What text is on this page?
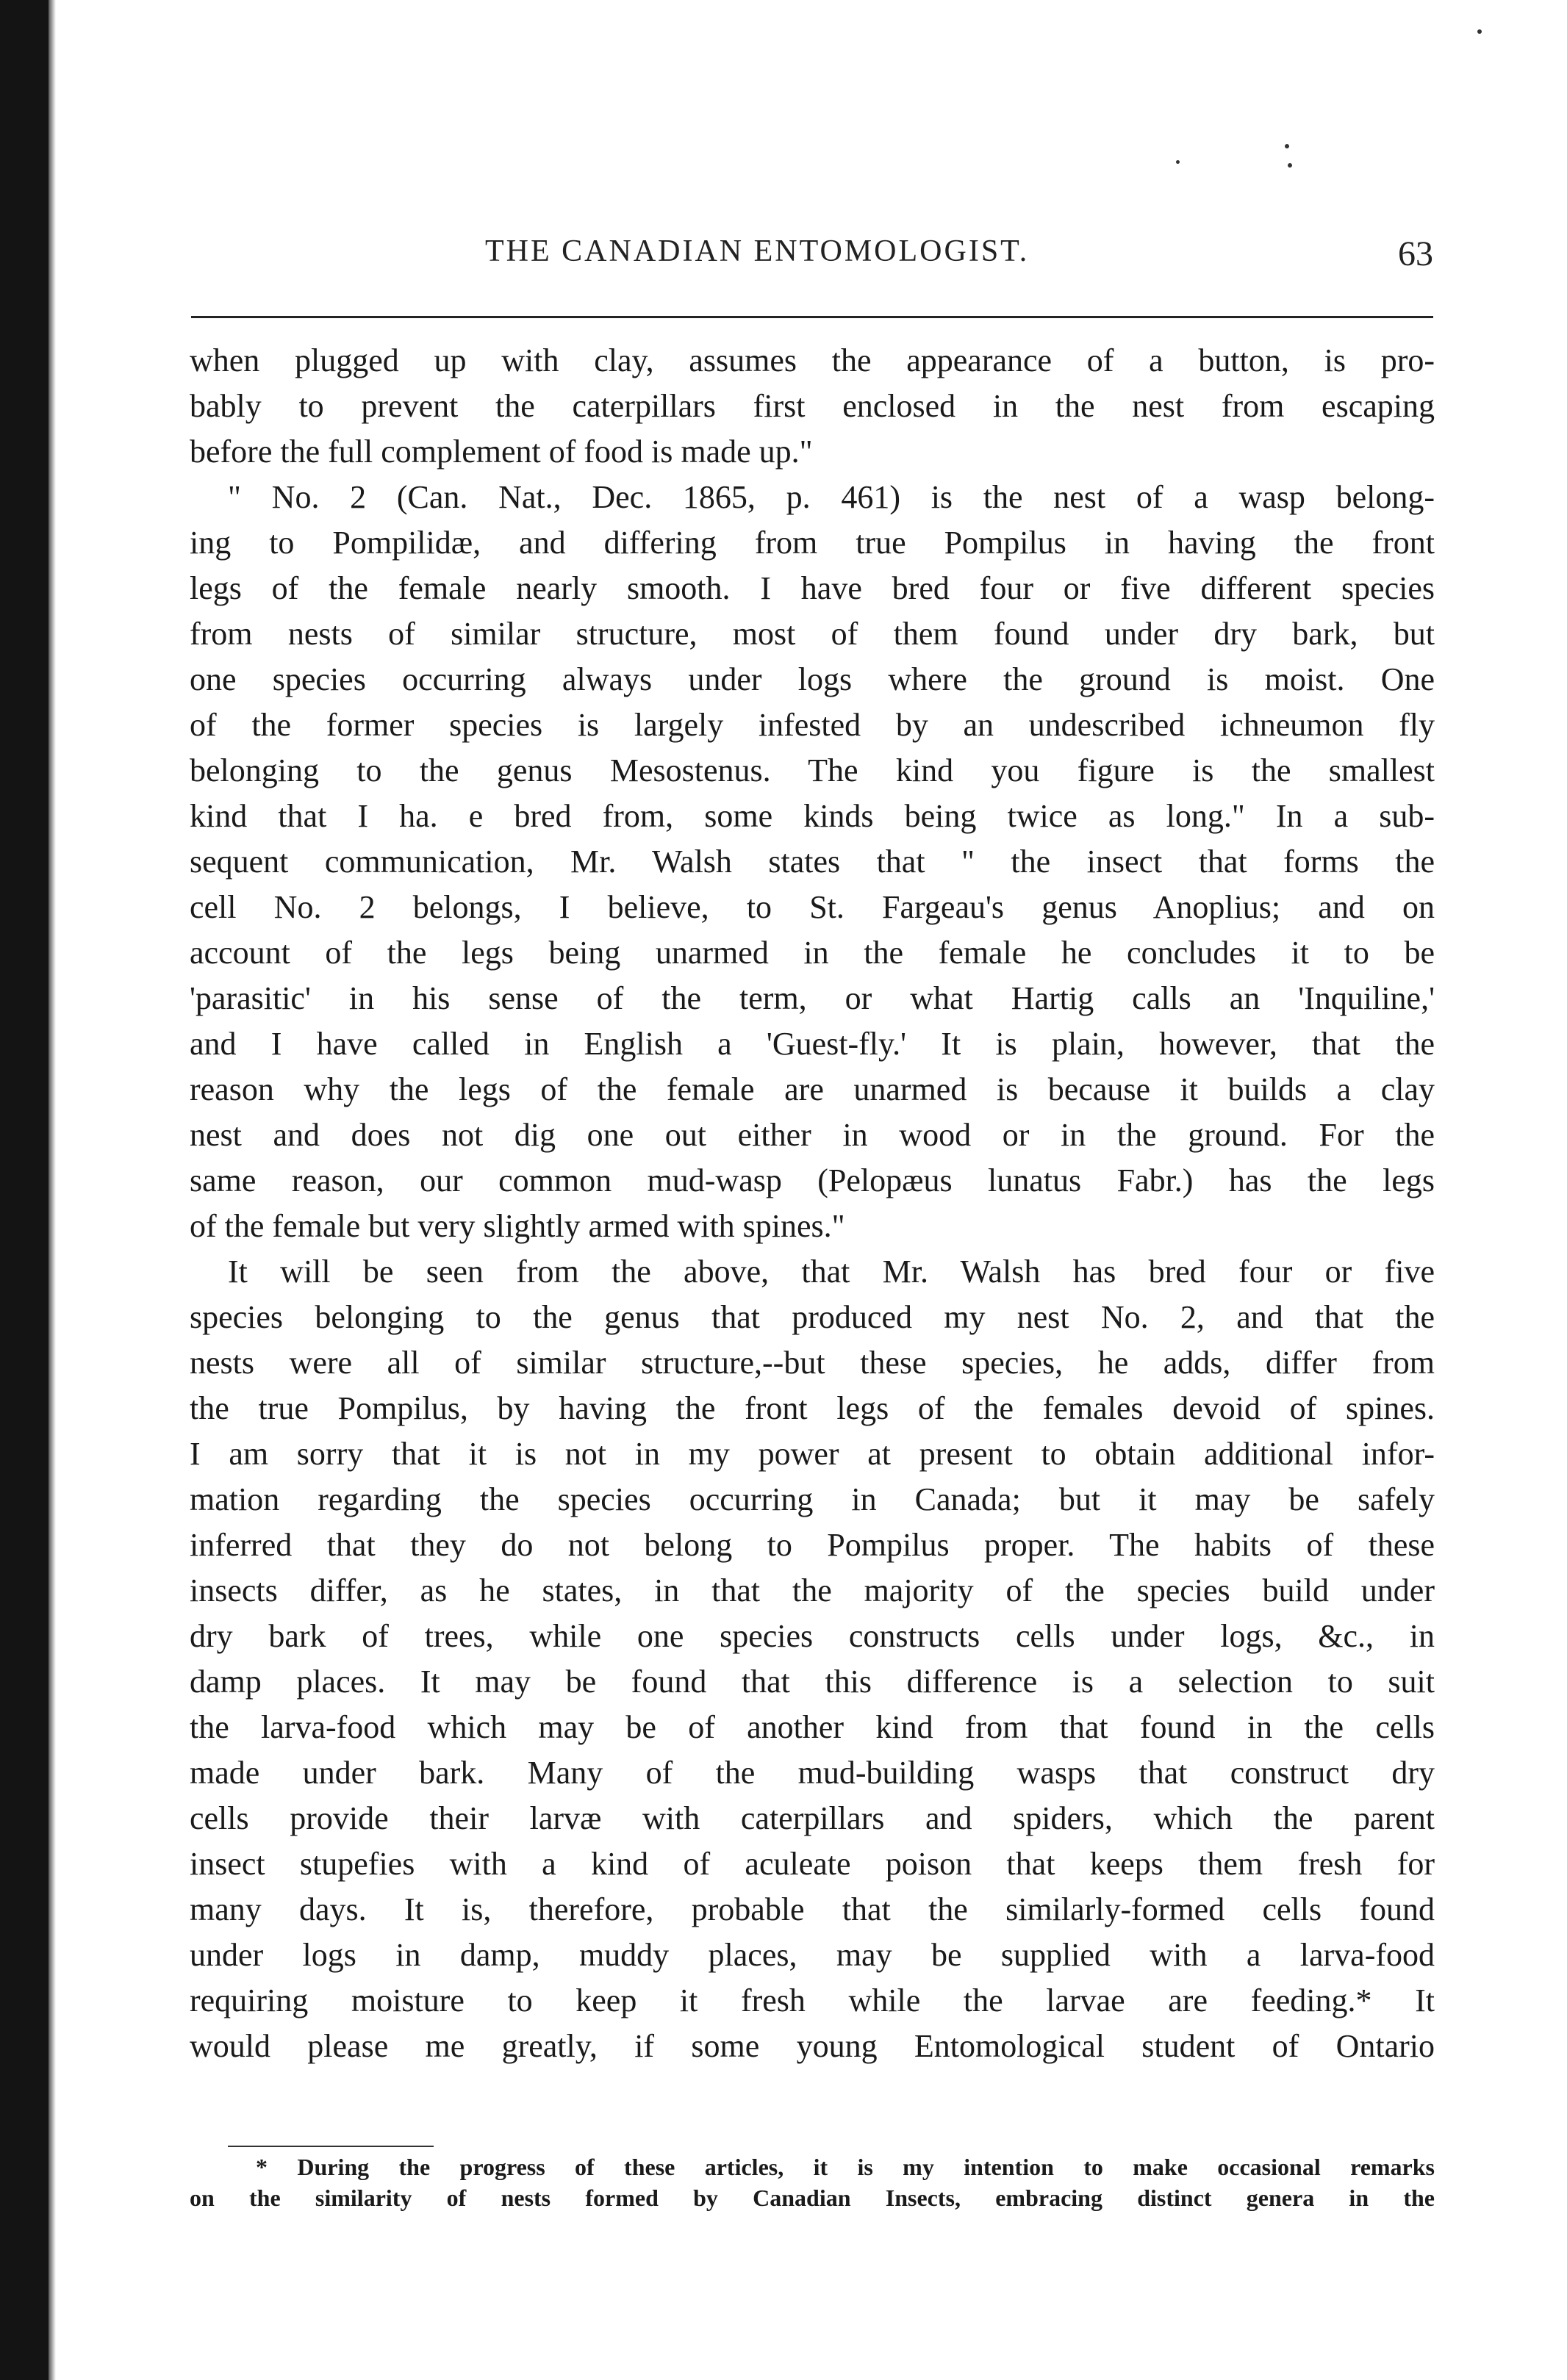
THE CANADIAN ENTOMOLOGIST.	63
when plugged up with clay, assumes the appearance of a button, is pro-
bably to prevent the caterpillars first enclosed in the nest from escaping
before the full complement of food is made up."
" No. 2 (Can. Nat., Dec. 1865, p. 461) is the nest of a wasp belong-
ing to Pompilidæ, and differing from true Pompilus in having the front
legs of the female nearly smooth. I have bred four or five different species
from nests of similar structure, most of them found under dry bark, but
one species occurring always under logs where the ground is moist. One
of the former species is largely infested by an undescribed ichneumon fly
belonging to the genus Mesostenus. The kind you figure is the smallest
kind that I ha. e bred from, some kinds being twice as long." In a sub-
sequent communication, Mr. Walsh states that " the insect that forms the
cell No. 2 belongs, I believe, to St. Fargeau's genus Anoplius; and on
account of the legs being unarmed in the female he concludes it to be
'parasitic' in his sense of the term, or what Hartig calls an 'Inquiline,'
and I have called in English a 'Guest-fly.' It is plain, however, that the
reason why the legs of the female are unarmed is because it builds a clay
nest and does not dig one out either in wood or in the ground. For the
same reason, our common mud-wasp (Pelopæus lunatus Fabr.) has the legs
of the female but very slightly armed with spines."
It will be seen from the above, that Mr. Walsh has bred four or five
species belonging to the genus that produced my nest No. 2, and that the
nests were all of similar structure,--but these species, he adds, differ from
the true Pompilus, by having the front legs of the females devoid of spines.
I am sorry that it is not in my power at present to obtain additional infor-
mation regarding the species occurring in Canada; but it may be safely
inferred that they do not belong to Pompilus proper. The habits of these
insects differ, as he states, in that the majority of the species build under
dry bark of trees, while one species constructs cells under logs, &c., in
damp places. It may be found that this difference is a selection to suit
the larva-food which may be of another kind from that found in the cells
made under bark. Many of the mud-building wasps that construct dry
cells provide their larvæ with caterpillars and spiders, which the parent
insect stupefies with a kind of aculeate poison that keeps them fresh for
many days. It is, therefore, probable that the similarly-formed cells found
under logs in damp, muddy places, may be supplied with a larva-food
requiring moisture to keep it fresh while the larvae are feeding.* It
would please me greatly, if some young Entomological student of Ontario
* During the progress of these articles, it is my intention to make occasional remarks
on the similarity of nests formed by Canadian Insects, embracing distinct genera in the
